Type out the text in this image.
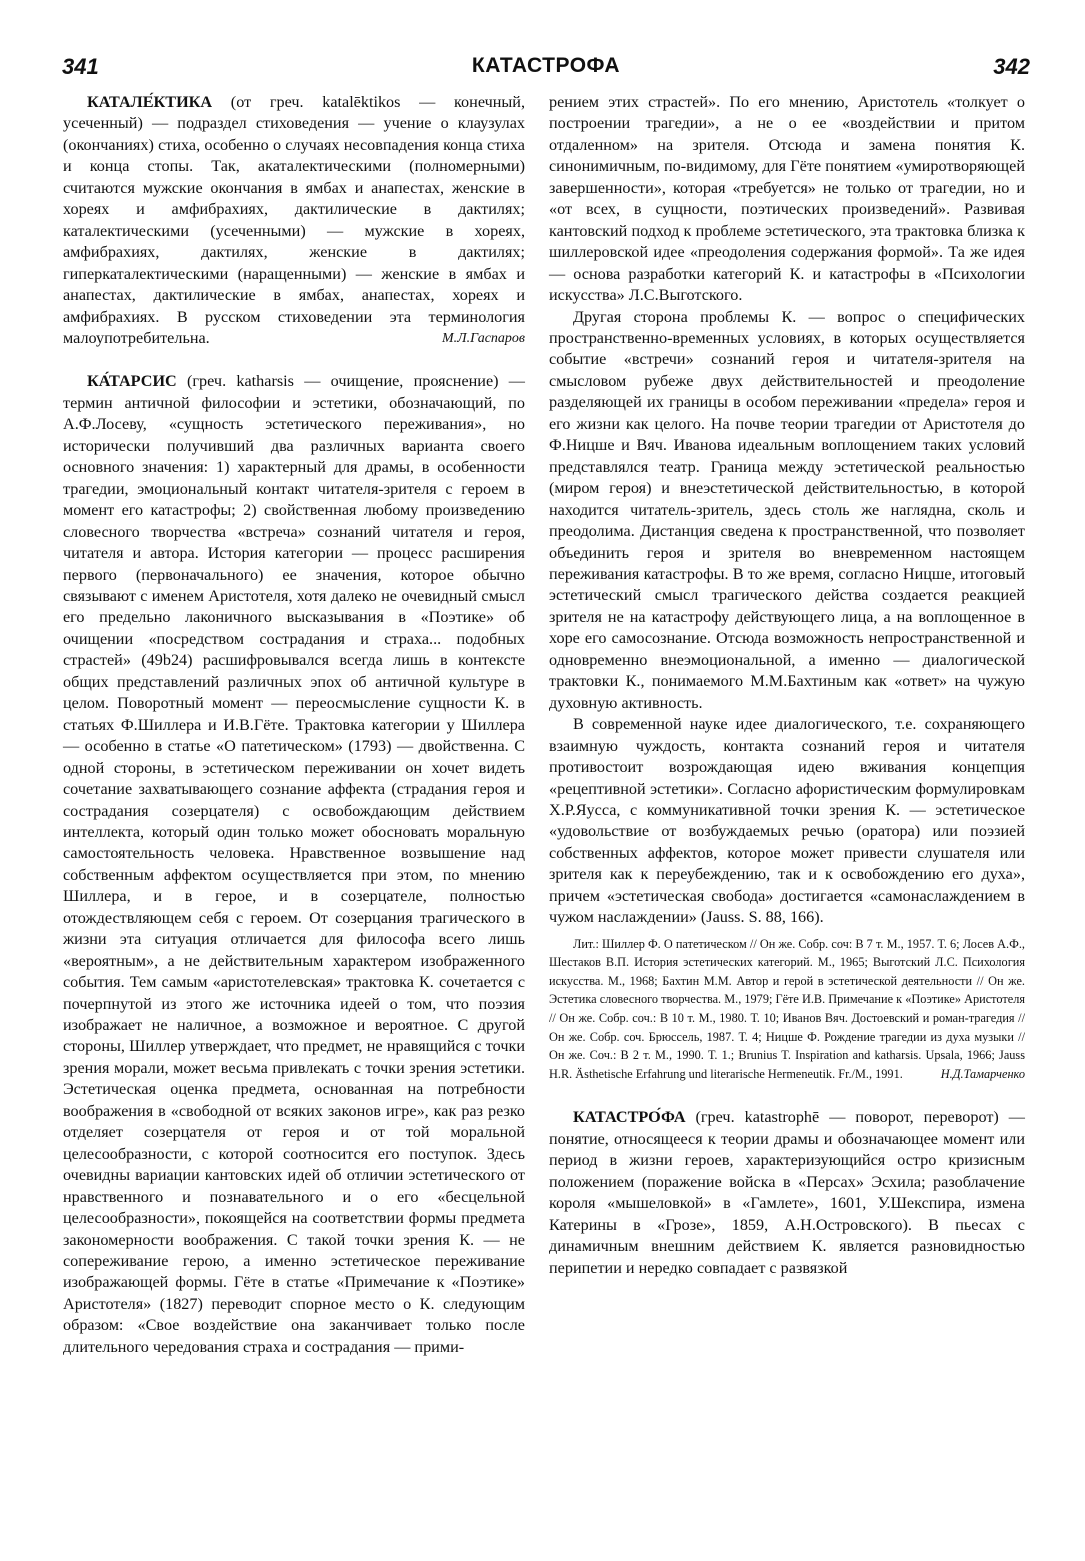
341	КАТАСТРОФА	342

КАТАЛЕ́КТИКА (от греч. katalēktikos — конечный, усеченный) — подраздел стиховедения — учение о клаузулах (окончаниях) стиха, особенно о случаях несовпадения конца стиха и конца стопы. Так, акаталектическими (полномерными) считаются мужские окончания в ямбах и анапестах, женские в хореях и амфибрахиях, дактилические в дактилях; каталектическими (усеченными) — мужские в хореях, амфибрахиях, дактилях, женские в дактилях; гиперкаталектическими (наращенными) — женские в ямбах и анапестах, дактилические в ямбах, анапестах, хореях и амфибрахиях. В русском стиховедении эта терминология малоупотребительна.	М.Л.Гаспаров

КА́ТАРСИС (греч. katharsis — очищение, прояснение) — термин античной философии и эстетики, обозначающий, по А.Ф.Лосеву, «сущность эстетического переживания», но исторически получивший два различных варианта своего основного значения: 1) характерный для драмы, в особенности трагедии, эмоциональный контакт читателя-зрителя с героем в момент его катастрофы; 2) свойственная любому произведению словесного творчества «встреча» сознаний читателя и героя, читателя и автора. История категории — процесс расширения первого (первоначального) ее значения, которое обычно связывают с именем Аристотеля, хотя далеко не очевидный смысл его предельно лаконичного высказывания в «Поэтике» об очищении «посредством сострадания и страха... подобных страстей» (49b24) расшифровывался всегда лишь в контексте общих представлений различных эпох об античной культуре в целом. Поворотный момент — переосмысление сущности К. в статьях Ф.Шиллера и И.В.Гёте. Трактовка категории у Шиллера — особенно в статье «О патетическом» (1793) — двойственна. С одной стороны, в эстетическом переживании он хочет видеть сочетание захватывающего сознание аффекта (страдания героя и сострадания созерцателя) с освобождающим действием интеллекта, который один только может обосновать моральную самостоятельность человека. Нравственное возвышение над собственным аффектом осуществляется при этом, по мнению Шиллера, и в герое, и в созерцателе, полностью отождествляющем себя с героем. От созерцания трагического в жизни эта ситуация отличается для философа всего лишь «вероятным», а не действительным характером изображенного события. Тем самым «аристотелевская» трактовка К. сочетается с почерпнутой из этого же источника идеей о том, что поэзия изображает не наличное, а возможное и вероятное. С другой стороны, Шиллер утверждает, что предмет, не нравящийся с точки зрения морали, может весьма привлекать с точки зрения эстетики. Эстетическая оценка предмета, основанная на потребности воображения в «свободной от всяких законов игре», как раз резко отделяет созерцателя от героя и от той моральной целесообразности, с которой соотносится его поступок. Здесь очевидны вариации кантовских идей об отличии эстетического от нравственного и познавательного и о его «бесцельной целесообразности», покоящейся на соответствии формы предмета закономерности воображения. С такой точки зрения К. — не сопереживание герою, а именно эстетическое переживание изображающей формы. Гёте в статье «Примечание к «Поэтике» Аристотеля» (1827) переводит спорное место о К. следующим образом: «Свое воздействие она заканчивает только после длительного чередования страха и сострадания — прими-

рением этих страстей». По его мнению, Аристотель «толкует о построении трагедии», а не о ее «воздействии и притом отдаленном» на зрителя. Отсюда и замена понятия К. синонимичным, по-видимому, для Гёте понятием «умиротворяющей завершенности», которая «требуется» не только от трагедии, но и «от всех, в сущности, поэтических произведений». Развивая кантовский подход к проблеме эстетического, эта трактовка близка к шиллеровской идее «преодоления содержания формой». Та же идея — основа разработки категорий К. и катастрофы в «Психологии искусства» Л.С.Выготского.

Другая сторона проблемы К. — вопрос о специфических пространственно-временных условиях, в которых осуществляется событие «встречи» сознаний героя и читателя-зрителя на смысловом рубеже двух действительностей и преодоление разделяющей их границы в особом переживании «предела» героя и его жизни как целого. На почве теории трагедии от Аристотеля до Ф.Ницше и Вяч. Иванова идеальным воплощением таких условий представлялся театр. Граница между эстетической реальностью (миром героя) и внеэстетической действительностью, в которой находится читатель-зритель, здесь столь же наглядна, сколь и преодолима. Дистанция сведена к пространственной, что позволяет объединить героя и зрителя во вневременном настоящем переживания катастрофы. В то же время, согласно Ницше, итоговый эстетический смысл трагического действа создается реакцией зрителя не на катастрофу действующего лица, а на воплощенное в хоре его самосознание. Отсюда возможность непространственной и одновременно внеэмоциональной, а именно — диалогической трактовки К., понимаемого М.М.Бахтиным как «ответ» на чужую духовную активность.

В современной науке идее диалогического, т.е. сохраняющего взаимную чуждость, контакта сознаний героя и читателя противостоит возрождающая идею вживания концепция «рецептивной эстетики». Согласно афористическим формулировкам Х.Р.Яусса, с коммуникативной точки зрения К. — эстетическое «удовольствие от возбуждаемых речью (оратора) или поэзией собственных аффектов, которое может привести слушателя или зрителя как к переубеждению, так и к освобождению его духа», причем «эстетическая свобода» достигается «самонаслаждением в чужом наслаждении» (Jauss. S. 88, 166).

Лит.: Шиллер Ф. О патетическом // Он же. Собр. соч: В 7 т. М., 1957. Т. 6; Лосев А.Ф., Шестаков В.П. История эстетических категорий. М., 1965; Выготский Л.С. Психология искусства. М., 1968; Бахтин М.М. Автор и герой в эстетической деятельности // Он же. Эстетика словесного творчества. М., 1979; Гёте И.В. Примечание к «Поэтике» Аристотеля // Он же. Собр. соч.: В 10 т. М., 1980. Т. 10; Иванов Вяч. Достоевский и роман-трагедия // Он же. Собр. соч. Брюссель, 1987. Т. 4; Ницше Ф. Рождение трагедии из духа музыки // Он же. Соч.: В 2 т. М., 1990. Т. 1.; Brunius T. Inspiration and katharsis. Upsala, 1966; Jauss H.R. Ästhetische Erfahrung und literarische Hermeneutik. Fr./M., 1991.	Н.Д.Тамарченко

КАТАСТРО́ФА (греч. katastrophē — поворот, переворот) — понятие, относящееся к теории драмы и обозначающее момент или период в жизни героев, характеризующийся остро кризисным положением (поражение войска в «Персах» Эсхила; разоблачение короля «мышеловкой» в «Гамлете», 1601, У.Шекспира, измена Катерины в «Грозе», 1859, А.Н.Островского). В пьесах с динамичным внешним действием К. является разновидностью перипетии и нередко совпадает с развязкой
